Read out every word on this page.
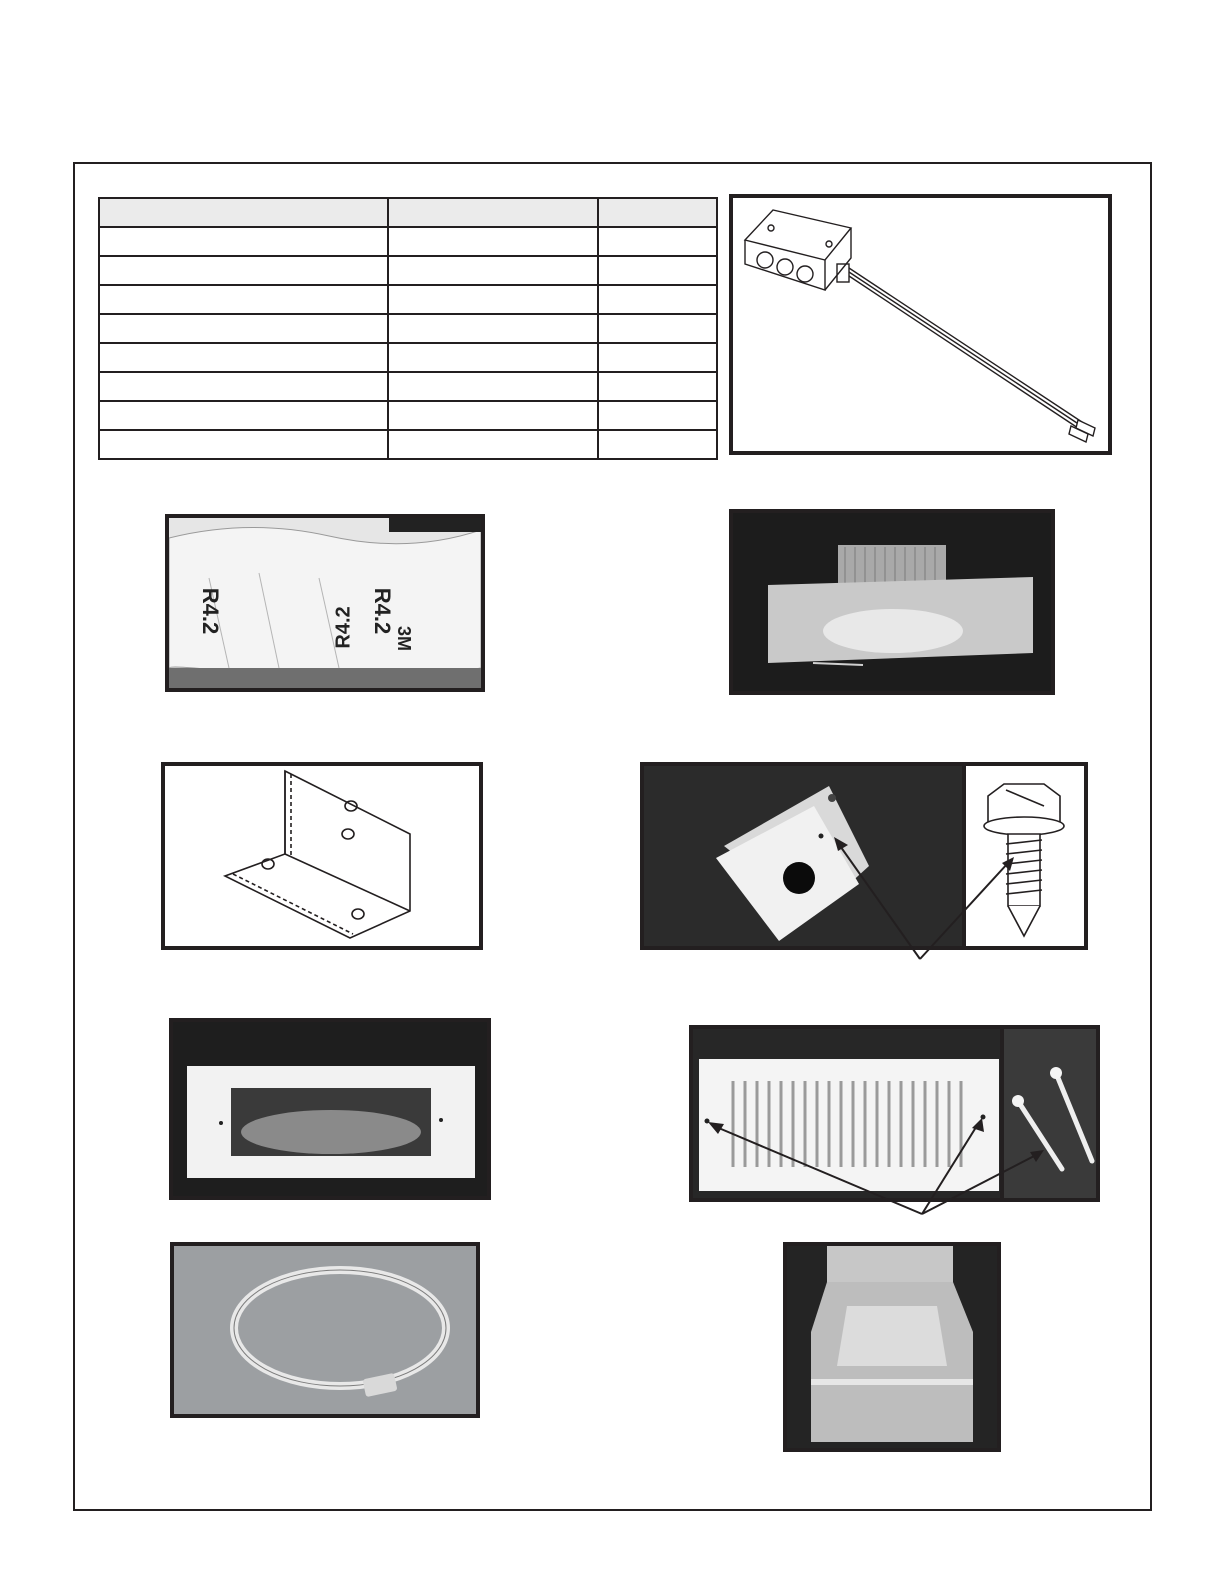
R4.2	R4.2 R4.2
3M
